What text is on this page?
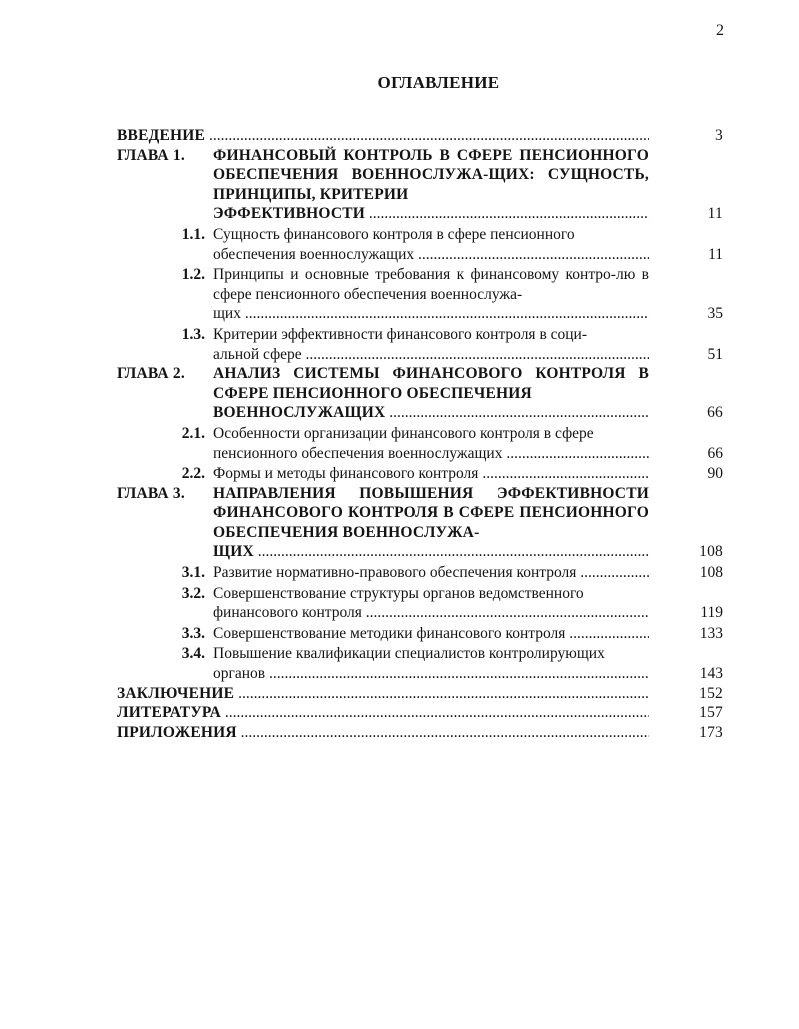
2
ОГЛАВЛЕНИЕ
ВВЕДЕНИЕ .....	3
ГЛАВА 1.	ФИНАНСОВЫЙ КОНТРОЛЬ В СФЕРЕ ПЕНСИОННОГО ОБЕСПЕЧЕНИЯ ВОЕННОСЛУЖА-ЩИХ: СУЩНОСТЬ, ПРИНЦИПЫ, КРИТЕРИИ
ЭФФЕКТИВНОСТИ .....	11
1.1. Сущность финансового контроля в сфере пенсионного
обеспечения военнослужащих .....	11
1.2. Принципы и основные требования к финансовому контро-лю в сфере пенсионного обеспечения военнослужа-
щих .....	35
1.3. Критерии эффективности финансового контроля в соци-
альной сфере .....	51
ГЛАВА 2.	АНАЛИЗ СИСТЕМЫ ФИНАНСОВОГО КОНТРОЛЯ В СФЕРЕ ПЕНСИОННОГО ОБЕСПЕЧЕНИЯ
ВОЕННОСЛУЖАЩИХ .....	66
2.1. Особенности организации финансового контроля в сфере
пенсионного обеспечения военнослужащих .....	66
2.2. Формы и методы финансового контроля .....	90
ГЛАВА 3.	НАПРАВЛЕНИЯ ПОВЫШЕНИЯ ЭФФЕКТИВНОСТИ ФИНАНСОВОГО КОНТРОЛЯ В СФЕРЕ ПЕНСИОННОГО ОБЕСПЕЧЕНИЯ ВОЕННОСЛУЖА-
ЩИХ .....	108
3.1. Развитие нормативно-правового обеспечения контроля .....	108
3.2. Совершенствование структуры органов ведомственного
финансового контроля .....	119
3.3. Совершенствование методики финансового контроля .....	133
3.4. Повышение квалификации специалистов контролирующих
органов .....	143
ЗАКЛЮЧЕНИЕ .....	152
ЛИТЕРАТУРА .....	157
ПРИЛОЖЕНИЯ .....	173
